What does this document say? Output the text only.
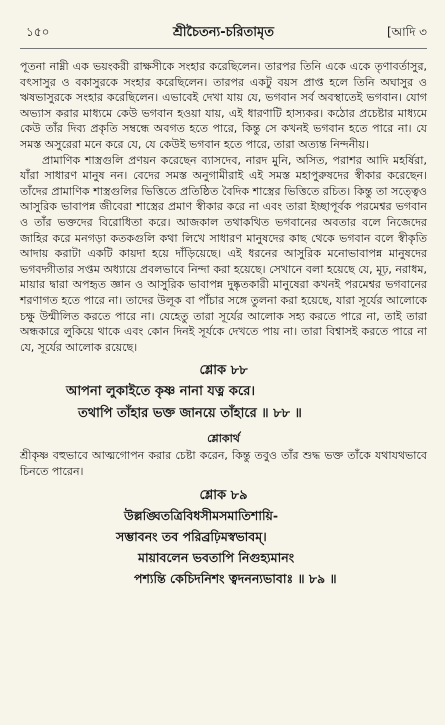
১৫০	শ্রীচৈতন্য-চরিতামৃত	[আদি ৩

পূতনা নাম্নী এক ভয়ংকরী রাক্ষসীকে সংহার করেছিলেন। তারপর তিনি একে একে তৃণাবর্তাসুর, বৎসাসুর ও বকাসুরকে সংহার করেছিলেন। তারপর একটু বয়স প্রাপ্ত হলে তিনি অঘাসুর ও ঋষভাসুরকে সংহার করেছিলেন। এভাবেই দেখা যায় যে, ভগবান সর্ব অবস্থাতেই ভগবান। যোগ অভ্যাস করার মাধ্যমে কেউ ভগবান হওয়া যায়, এই ধারণাটি হাস্যকর। কঠোর প্রচেষ্টার মাধ্যমে কেউ তাঁর দিব্য প্রকৃতি সম্বন্ধে অবগত হতে পারে, কিন্তু সে কখনই ভগবান হতে পারে না। যে সমস্ত অসুরেরা মনে করে যে, যে কেউই ভগবান হতে পারে, তারা অত্যন্ত নিন্দনীয়।

প্রামাণিক শাস্ত্রগুলি প্রণয়ন করেছেন ব্যাসদেব, নারদ মুনি, অসিত, পরাশর আদি মহর্ষিরা, যাঁরা সাধারণ মানুষ নন। বেদের সমস্ত অনুগামীরাই এই সমস্ত মহাপুরুষদের স্বীকার করেছেন। তাঁদের প্রামাণিক শাস্ত্রগুলির ভিত্তিতে প্রতিষ্ঠিত বৈদিক শাস্ত্রের ভিত্তিতে রচিত। কিন্তু তা সত্ত্বেও আসুরিক ভাবাপন্ন জীবেরা শাস্ত্রের প্রমাণ স্বীকার করে না এবং তারা ইচ্ছাপূর্বক পরমেশ্বর ভগবান ও তাঁর ভক্তদের বিরোধিতা করে। আজকাল তথাকথিত ভগবানের অবতার বলে নিজেদের জাহির করে মনগড়া কতকগুলি কথা লিখে সাধারণ মানুষদের কাছ থেকে ভগবান বলে স্বীকৃতি আদায় করাটা একটি কায়দা হয়ে দাঁড়িয়েছে। এই ধরনের আসুরিক মনোভাবাপন্ন মানুষদের ভগবদ্গীতার সপ্তম অধ্যায়ে প্রবলভাবে নিন্দা করা হয়েছে। সেখানে বলা হয়েছে যে, মূঢ়, নরাধম, মায়ার দ্বারা অপহৃত জ্ঞান ও আসুরিক ভাবাপন্ন দুষ্কৃতকারী মানুষেরা কখনই পরমেশ্বর ভগবানের শরণাগত হতে পারে না। তাদের উলূক বা পাঁচার সঙ্গে তুলনা করা হয়েছে, যারা সূর্যের আলোকে চক্ষু উন্মীলিত করতে পারে না। যেহেতু তারা সূর্যের আলোক সহ্য করতে পারে না, তাই তারা অন্ধকারে লুকিয়ে থাকে এবং কোন দিনই সূর্যকে দেখতে পায় না। তারা বিশ্বাসই করতে পারে না যে, সূর্যের আলোক রয়েছে।

শ্লোক ৮৮
আপনা লুকাইতে কৃষ্ণ নানা যত্ন করে।
তথাপি তাঁহার ভক্ত জানয়ে তাঁহারে ॥ ৮৮ ॥
শ্লোকার্থ

শ্রীকৃষ্ণ বহুভাবে আত্মগোপন করার চেষ্টা করেন, কিন্তু তবুও তাঁর শুদ্ধ ভক্ত তাঁকে যথাযথভাবে চিনতে পারেন।

শ্লোক ৮৯
উল্লঙ্ঘিতত্রিবিধসীমসমাতিশায়ি-
সম্ভাবনং তব পরিব্রঢ়িমস্বভাবম্।
মায়াবলেন ভবতাপি নিগুহ্যমানং
পশ্যন্তি কেচিদনিশং ত্বদনন্যভাবাঃ ॥ ৮৯ ॥
